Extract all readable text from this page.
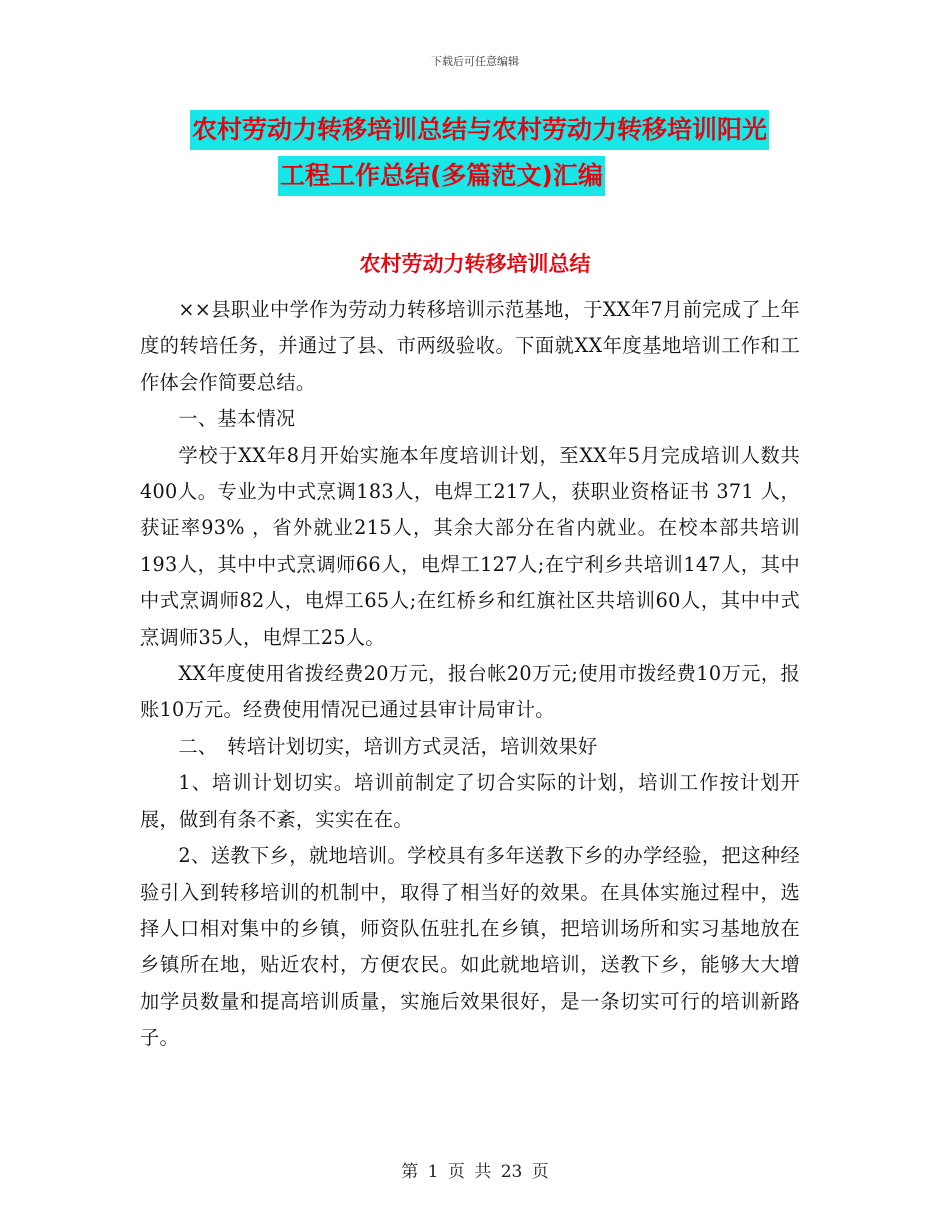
下载后可任意编辑
农村劳动力转移培训总结与农村劳动力转移培训阳光
工程工作总结(多篇范文)汇编
农村劳动力转移培训总结

××县职业中学作为劳动力转移培训示范基地，于XX年7月前完成了上年度的转培任务，并通过了县、市两级验收。下面就XX年度基地培训工作和工作体会作简要总结。

一、基本情况

学校于XX年8月开始实施本年度培训计划，至XX年5月完成培训人数共400人。专业为中式烹调183人，电焊工217人，获职业资格证书 371 人，获证率93% ，省外就业215人，其余大部分在省内就业。在校本部共培训193人，其中中式烹调师66人，电焊工127人;在宁利乡共培训147人，其中中式烹调师82人，电焊工65人;在红桥乡和红旗社区共培训60人，其中中式烹调师35人，电焊工25人。

XX年度使用省拨经费20万元，报台帐20万元;使用市拨经费10万元，报账10万元。经费使用情况已通过县审计局审计。

二、　转培计划切实，培训方式灵活，培训效果好

1、培训计划切实。培训前制定了切合实际的计划，培训工作按计划开展，做到有条不紊，实实在在。

2、送教下乡，就地培训。学校具有多年送教下乡的办学经验，把这种经验引入到转移培训的机制中，取得了相当好的效果。在具体实施过程中，选择人口相对集中的乡镇，师资队伍驻扎在乡镇，把培训场所和实习基地放在乡镇所在地，贴近农村，方便农民。如此就地培训，送教下乡，能够大大增加学员数量和提高培训质量，实施后效果很好，是一条切实可行的培训新路子。

第 1 页 共 23 页
